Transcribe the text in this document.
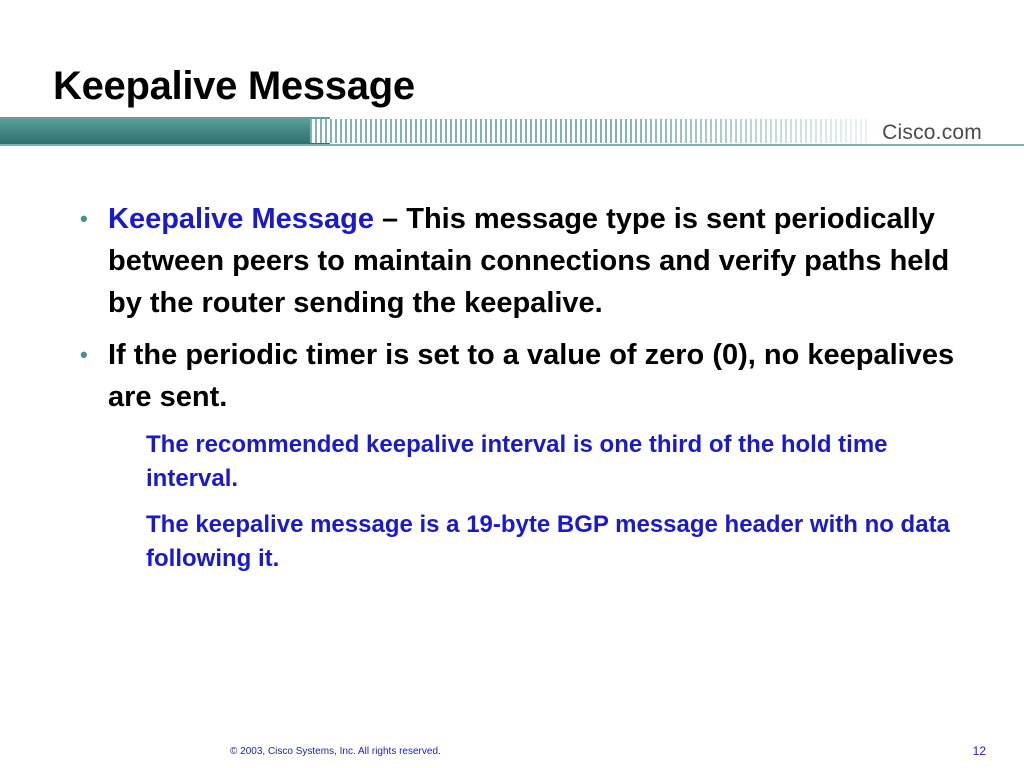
Keepalive Message
Cisco.com

• Keepalive Message – This message type is sent periodically between peers to maintain connections and verify paths held by the router sending the keepalive.

• If the periodic timer is set to a value of zero (0), no keepalives are sent.

The recommended keepalive interval is one third of the hold time interval.

The keepalive message is a 19-byte BGP message header with no data following it.

© 2003, Cisco Systems, Inc. All rights reserved.	12
